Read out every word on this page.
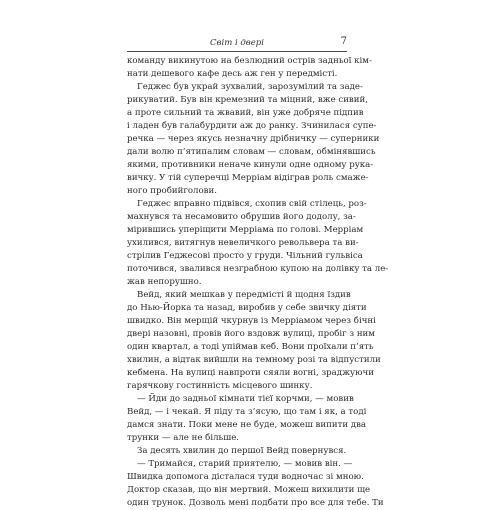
Світ і двері	7
команду викинутою на безлюдний острів задньої кім-
нати дешевого кафе десь аж ген у передмісті.
Геджес був украй зухвалий, зарозумілий та заде-
рикуватий. Був він кремезний та міцний, вже сивий,
а проте сильний та жвавий, він уже добряче підпив
і ладен був галабурдити аж до ранку. Зчинилася супе-
речка — через якусь незначну дрібничку — суперники
дали волю п’ятипалим словам — словам, обмінявшись
якими, противники неначе кинули одне одному рука-
вичку. У тій суперечці Мерріам відіграв роль смаже-
ного пробийголови.
Геджес вправно підвівся, схопив свій стілець, роз-
махнувся та несамовито обрушив його додолу, за-
мірившись уперіщити Мерріама по голові. Мерріам
ухилився, витягнув невеличкого револьвера та ви-
стрілив Геджесові просто у груди. Чільний гульвіса
поточився, звалився незграбною купою на долівку та ле-
жав непорушно.
Вейд, який мешкав у передмісті й щодня їздив
до Нью-Йорка та назад, виробив у себе звичку діяти
швидко. Він мерщій чкурнув із Мерріамом через бічні
двері назовні, провів його вздовж вулиці, пробіг з ним
один квартал, а тоді упіймав кеб. Вони проїхали п’ять
хвилин, а відтак вийшли на темному розі та відпустили
кебмена. На вулиці навпроти сяяли вогні, зраджуючи
гарячкову гостинність місцевого шинку.
— Йди до задньої кімнати тієї корчми, — мовив
Вейд, — і чекай. Я піду та з’ясую, що там і як, а тоді
дамся знати. Поки мене не буде, можеш випити два
трунки — але не більше.
За десять хвилин до першої Вейд повернувся.
— Тримайся, старий приятелю, — мовив він. —
Швидка допомога дісталася туди водночас зі мною.
Доктор сказав, що він мертвий. Можеш вихилити ще
один трунок. Дозволь мені подбати про все для тебе. Ти
